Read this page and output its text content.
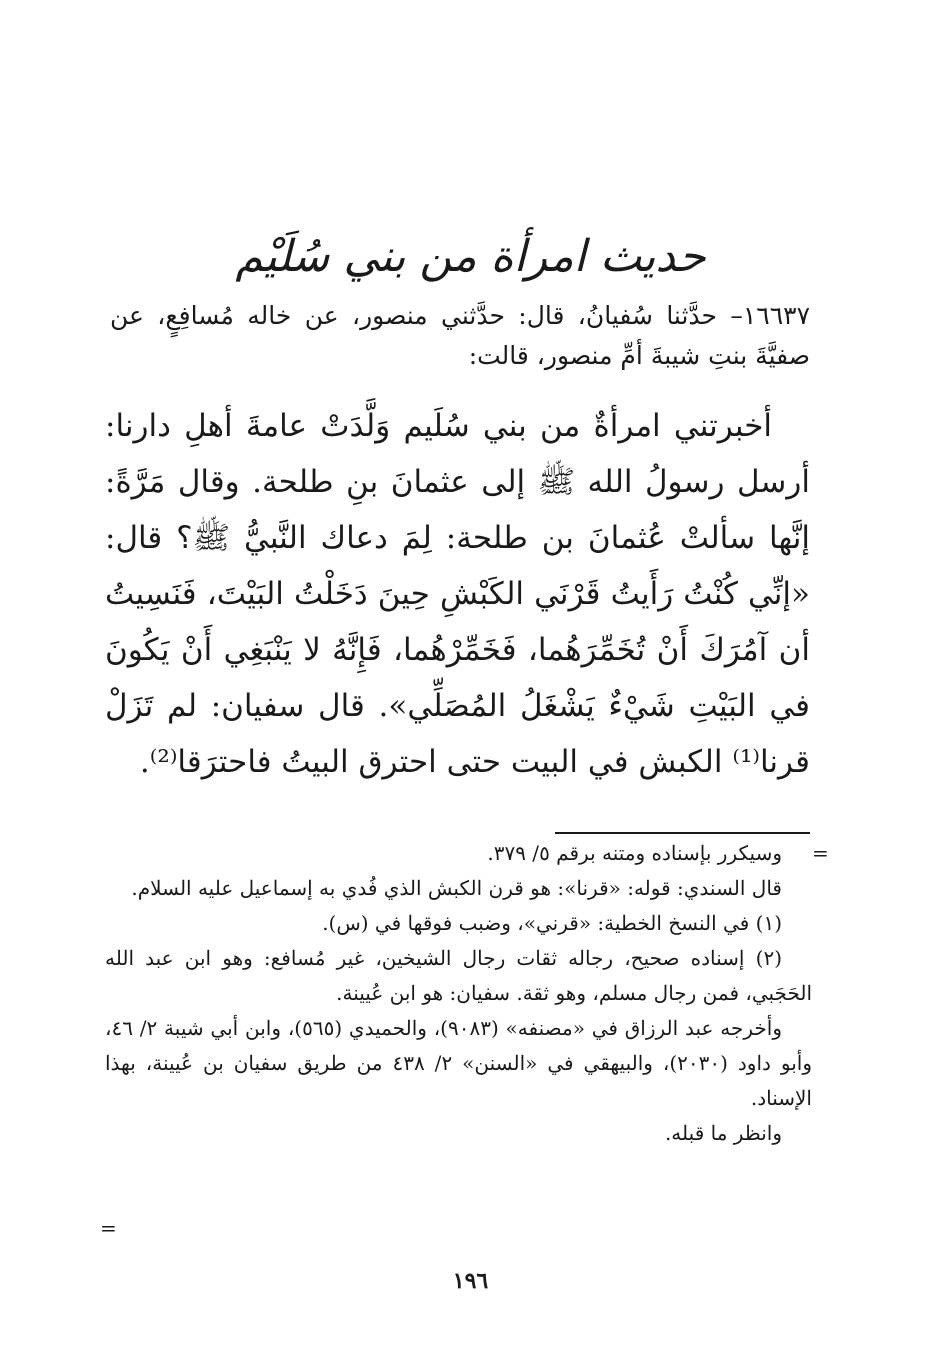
حديث امرأة من بني سُلَيْم

١٦٦٣٧– حدَّثنا سُفيانُ، قال: حدَّثني منصور، عن خاله مُسافِعٍ، عن صفيَّةَ بنتِ شيبةَ أمِّ منصور، قالت:

أخبرتني امرأةٌ من بني سُلَيم وَلَّدَتْ عامةَ أهلِ دارنا: أرسل رسولُ الله ﷺ إلى عثمانَ بنِ طلحة. وقال مَرَّةً: إنَّها سألتْ عُثمانَ بن طلحة: لِمَ دعاك النَّبيُّ ﷺ؟ قال: «إنِّي كُنْتُ رَأَيتُ قَرْنَي الكَبْشِ حِينَ دَخَلْتُ البَيْتَ، فَنَسِيتُ أن آمُرَكَ أَنْ تُخَمِّرَهُما، فَخَمِّرْهُما، فَإِنَّهُ لا يَنْبَغِي أَنْ يَكُونَ في البَيْتِ شَيْءٌ يَشْغَلُ المُصَلِّي». قال سفيان: لم تَزَلْ قرنا⁽¹⁾ الكبش في البيت حتى احترق البيتُ فاحترَقا⁽²⁾.

=

وسيكرر بإسناده ومتنه برقم ٥/ ٣٧٩.

قال السندي: قوله: «قرنا»: هو قرن الكبش الذي فُدي به إسماعيل عليه السلام.

(١) في النسخ الخطية: «قرني»، وضبب فوقها في (س).

(٢) إسناده صحيح، رجاله ثقات رجال الشيخين، غير مُسافع: وهو ابن عبد الله الحَجَبي، فمن رجال مسلم، وهو ثقة. سفيان: هو ابن عُيينة.

وأخرجه عبد الرزاق في «مصنفه» (٩٠٨٣)، والحميدي (٥٦٥)، وابن أبي شيبة ٢/ ٤٦، وأبو داود (٢٠٣٠)، والبيهقي في «السنن» ٢/ ٤٣٨ من طريق سفيان بن عُيينة، بهذا الإسناد.

وانظر ما قبله.

=
١٩٦
